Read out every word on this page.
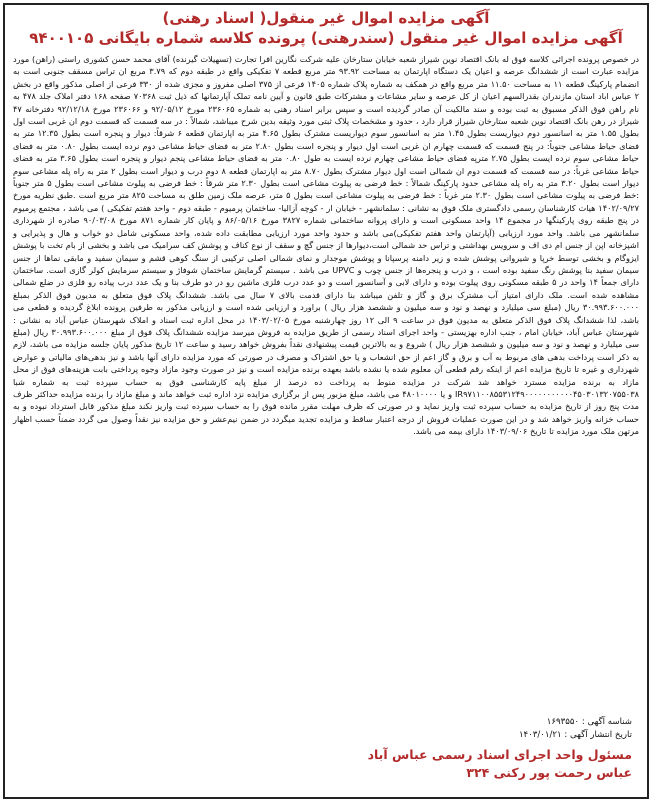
آگهی مزایده اموال غیر منقول( اسناد رهنی)
آگهی مزایده اموال غیر منقول (سندرهنی) پرونده کلاسه شماره بایگانی ۹۴۰۰۱۰۵
در خصوص پرونده اجرائی کلاسه فوق له بانک اقتصاد نوین شیراز شعبه خیابان ستارخان علیه شرکت نگارین افرا تجارت (تسهیلات گیرنده) آقای محمد حسن کشوری راستی (راهن) مورد مزایده عبارت است از ششدانگ عرصه و اعیان یک دستگاه اپارتمان به مساحت ۹۳.۹۲ متر مربع قطعه ۷ تفکیکی واقع در طبقه دوم که ۳.۷۹ مربع ان تراس مسقف جنوبی است به انضمام پارکینگ قطعه ۱۱ به مساحت ۱۱.۵۰ متر مربع واقع در همکف به شماره پلاک شماره ۱۴۰۵ فرعی از ۳۷۵ اصلی مفروز و مجزی شده از ۳۳۰ فرعی از اصلی مذکور واقع در بخش ۲ عباس اباد استان مازندران بقدرالسهم اعیان از کل عرصه و سایر مشاعات و مشترکات طبق قانون و آیین نامه تملک آپارتمانها که ذیل ثبت ۷۰۳۶۸ صفحه ۱۶۸ دفتر املاک جلد ۴۷۸ به نام راهن فوق الذکر مسبوق به ثبت بوده و سند مالکیت آن صادر گردیده است و سپس برابر اسناد رهنی به شماره ۲۳۶۰۶۵ مورخ ۹۲/۰۵/۱۲ و ۲۳۶۰۶۶ مورخ ۹۲/۱۲/۱۸ دفترخانه ۴۷ شیراز در رهن بانک اقتصاد نوین شعبه ستارخان شیراز قرار دارد ، حدود و مشخصات پلاک ثبتی مورد وثیقه بدین شرح میباشد، شمالاً : در سه قسمت که قسمت دوم ان غربی است اول بطول ۱.۵۵ متر به اسانسور دوم دیواریست بطول ۱.۴۵ متر به اسانسور سوم دیواریست مشترک بطول ۴.۶۵ متر به اپارتمان قطعه ۶ شرقاً: دیوار و پنجره است بطول ۱۲.۳۵ متر به فضای حیاط مشاعی جنوباً: در پنج قسمت که قسمت چهارم ان غربی است اول دیوار و پنجره است بطول ۲.۸۰ متر به فضای حیاط مشاعی دوم نرده ایست بطول ۰.۸۰ متر به فضای حیاط مشاعی سوم نرده ایست بطول ۲.۷۵ مترپه فضای حیاط مشاعی چهارم نرده ایست به طول ۰.۸۰ متر به فضای حیاط مشاعی پنجم دیوار و پنجره است بطول ۳.۶۵ متر به فضای حیاط مشاعی غرباً: در سه قسمت که قسمت دوم ان شمالی است اول دیوار مشترک بطول ۸.۷۰ متر به اپارتمان قطعه ۸ دوم درب و دیوار است بطول ۲ متر به راه پله مشاعی سوم دیوار است بطول ۳.۲۰ متر به راه پله مشاعی حدود پارکینگ شمالاً : خط فرضی به پیلوت مشاعی است بطول ۲.۳۰ متر شرقاً : خط فرضی به پیلوت مشاعی است بطول ۵ متر جنوباً :خط فرضی به پیلوت مشاعی است بطول ۲.۳۰ متر غرباً : خط فرضی به پیلوت مشاعی است بطول ۵ متر، عرصه ملک زمین طلق به مساحت ۸۲۵ متر مربع است .طبق نظریه مورخ ۱۴۰۲/۰۹/۲۷ هیات کارشناسان رسمی دادگستری ملک فوق به نشانی : سلمانشهر - خیابان ار - کوچه آزالیا- ساختمان پرمیوم - طبقه دوم - واحد هفتم تفکیکی ) می باشد ، مجتمع پرمیوم در پنج طبقه روی پارکینگها در مجموع ۱۴ واحد مسکونی است و دارای پروانه ساختمانی شماره ۳۸۲۷ مورخ ۸۶/۰۵/۱۶ و پایان کار شماره ۸۷۱ مورخ ۹۰/۰۳/۰۸ صادره از شهرداری سلمانشهر می باشد. واحد مورد ارزیابی (آپارتمان واحد هفتم تفکیکی)می باشد و حدود واحد مورد ارزیابی مطابقت داده شده، واحد مسکونی شامل دو خواب و هال و پذیرایی و اشپزخانه اپن از جنس ام دی اف و سرویس بهداشتی و تراس حد شمالی است،دیوارها از جنس گچ و سقف از نوع کناف و پوشش کف سرامیک می باشد و بخشی از بام تخت با پوشش ایزوگام و بخشی توسط خرپا و شیروانی پوشش شده و زیر دامنه پرسپانا و پوشش موجدار و نمای شمالی اصلی ترکیبی از سنگ کوهی قشم و سیمان سفید و مابقی نماها از جنس سیمان سفید بنا پوشش رنگ سفید بوده است ، و درب و پنجره‌ها از جنس چوب و UPVC می باشد . سیستم گرمایش ساختمان شوفاژ و سیستم سرمایش کولر گازی است. ساختمان دارای جمعاً ۱۴ واحد در ۵ طبقه مسکونی روی پیلوت بوده و دارای لابی و آسانسور است و دو عدد درب فلزی ماشین رو در دو طرف بنا و یک عدد درب پیاده رو فلزی در ضلع شمالی مشاهده شده است. ملک دارای امتیاز آب مشترک برق و گاز و تلفن میباشد بنا دارای قدمت بالای ۷ سال می باشد. ششدانگ پلاک فوق متعلق به مدیون فوق الذکر بمبلغ ۳۰.۹۹۳.۶۰۰.۰۰۰ ریال (مبلغ سی میلیارد و نهصد و نود و سه میلیون و ششصد هزار ریال ) براورد و ارزیابی شده است و ارزیابی مذکور به طرفین پرونده ابلاغ گردیده و قطعی می باشد، لذا ششدانگ پلاک فوق الذکر متعلق به مدیون فوق در ساعت ۹ الی ۱۲ روز چهارشنبه مورخ ۱۴۰۳/۰۲/۰۵ در محل اداره ثبت اسناد و املاک شهرستان عباس آباد به نشانی : شهرستان عباس آباد، خیابان امام ، جنب اداره بهزیستی - واحد اجرای اسناد رسمی از طریق مزایده به فروش میرسد مزایده ششدانگ پلاک فوق از مبلغ ۳۰.۹۹۳.۶۰۰.۰۰۰ ریال (مبلغ سی میلیارد و نهصد و نود و سه میلیون و ششصد هزار ریال ) شروع و به بالاترین قیمت پیشنهادی نقداً بفروش خواهد رسید و ساعت ۱۲ تاریخ مذکور پایان جلسه مزایده می باشد، لازم به ذکر است پرداخت بدهی های مربوط به آب و برق و گاز اعم از حق انشعاب و یا حق اشتراک و مصرف در صورتی که مورد مزایده دارای آنها باشد و نیز بدهی‌های مالیاتی و عوارض شهرداری و غیره تا تاریخ مزایده اعم از اینکه رقم قطعی آن معلوم شده یا نشده باشد بعهده برنده مزایده است و نیز در صورت وجود مازاد وجوه پرداختی بابت هزینه‌های فوق از محل مازاد به برنده مزایده مسترد خواهد شد شرکت در مزایده منوط به پرداخت ده درصد از مبلغ پایه کارشناسی فوق به حساب سپرده ثبت به شماره شبا IR۹۷۱۱۰۰۸۵۵۳۱۲۴۹۰۰۰۰۰۰۰۰۰۰۰۴۵۰۳۰۱۳۲۰۷۵۵۰۳۸ و یا ۴۸۰۱۰۰۰۰ می باشد، مبلغ مزبور پس از برگزاری مزایده نزد اداره ثبت خواهد ماند و مبلغ مازاد را برنده مزایده حداکثر ظرف مدت پنج روز از تاریخ مزایده به حساب سپرده ثبت واریز نماید و در صورتی که ظرف مهلت مقرر مانده فوق را به حساب سپرده ثبت واریز نکند مبلغ مذکور قابل استرداد نبوده و به حساب خزانه واریز خواهد شد و در این صورت عملیات فروش از درجه اعتبار ساقط و مزایده تجدید میگردد در ضمن نیم‌عشر و حق مزایده نیز نقداً وصول می گردد ضمناً حسب اظهار مرتهن ملک مورد مزایده تا تاریخ ۱۴۰۳/۰۹/۰۶ دارای بیمه می باشد.
شناسه آگهی : ۱۶۹۳۵۵۰
تاریخ انتشار آگهی : ۱۴۰۳/۰۱/۲۱
مسئول واحد اجرای اسناد رسمی عباس آباد
عباس رحمت پور رکنی ۳۲۴
